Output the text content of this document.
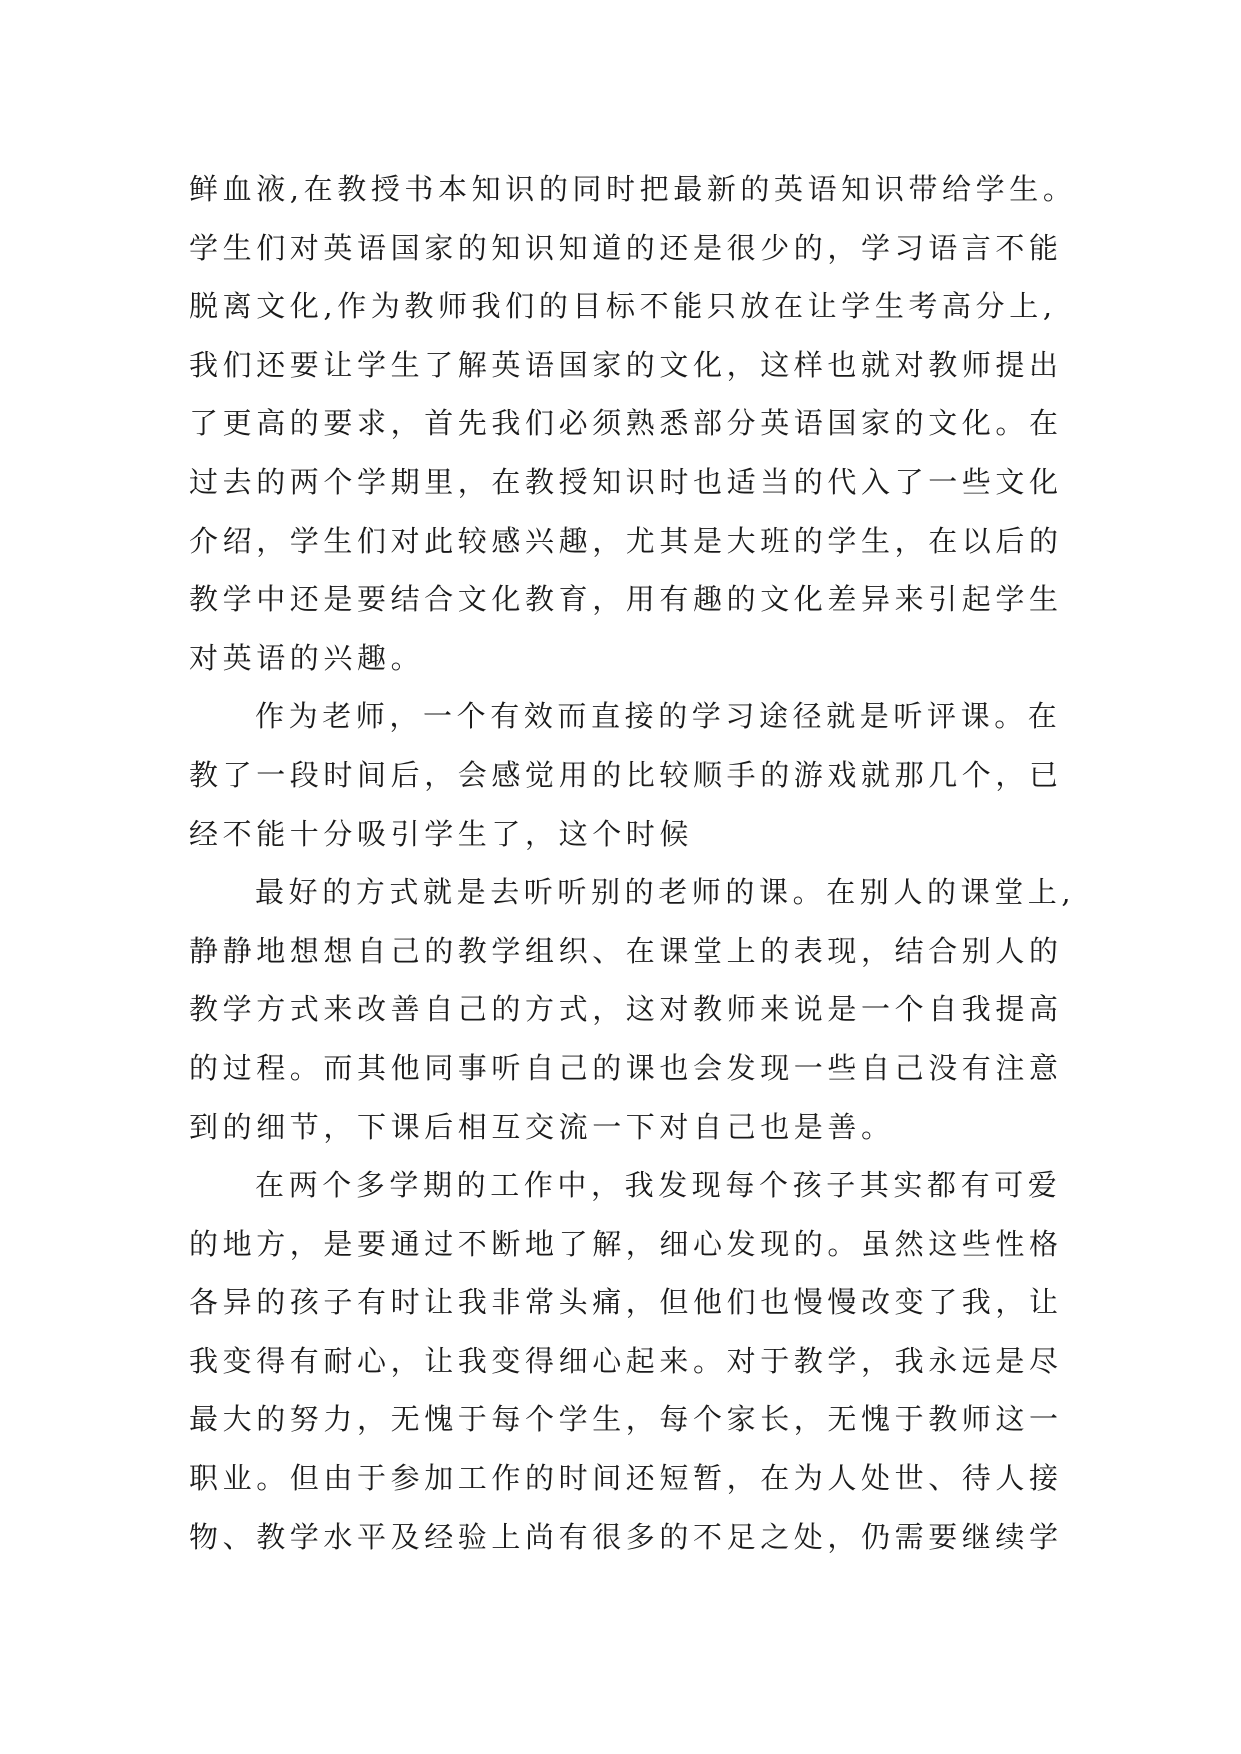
鲜血液,在教授书本知识的同时把最新的英语知识带给学生。
学生们对英语国家的知识知道的还是很少的，学习语言不能
脱离文化,作为教师我们的目标不能只放在让学生考高分上,
我们还要让学生了解英语国家的文化，这样也就对教师提出
了更高的要求，首先我们必须熟悉部分英语国家的文化。在
过去的两个学期里，在教授知识时也适当的代入了一些文化
介绍，学生们对此较感兴趣，尤其是大班的学生，在以后的
教学中还是要结合文化教育，用有趣的文化差异来引起学生
对英语的兴趣。
作为老师，一个有效而直接的学习途径就是听评课。在
教了一段时间后，会感觉用的比较顺手的游戏就那几个，已
经不能十分吸引学生了，这个时候
最好的方式就是去听听别的老师的课。在别人的课堂上,
静静地想想自己的教学组织、在课堂上的表现，结合别人的
教学方式来改善自己的方式，这对教师来说是一个自我提高
的过程。而其他同事听自己的课也会发现一些自己没有注意
到的细节，下课后相互交流一下对自己也是善。
在两个多学期的工作中，我发现每个孩子其实都有可爱
的地方，是要通过不断地了解，细心发现的。虽然这些性格
各异的孩子有时让我非常头痛，但他们也慢慢改变了我，让
我变得有耐心，让我变得细心起来。对于教学，我永远是尽
最大的努力，无愧于每个学生，每个家长，无愧于教师这一
职业。但由于参加工作的时间还短暂，在为人处世、待人接
物、教学水平及经验上尚有很多的不足之处，仍需要继续学
